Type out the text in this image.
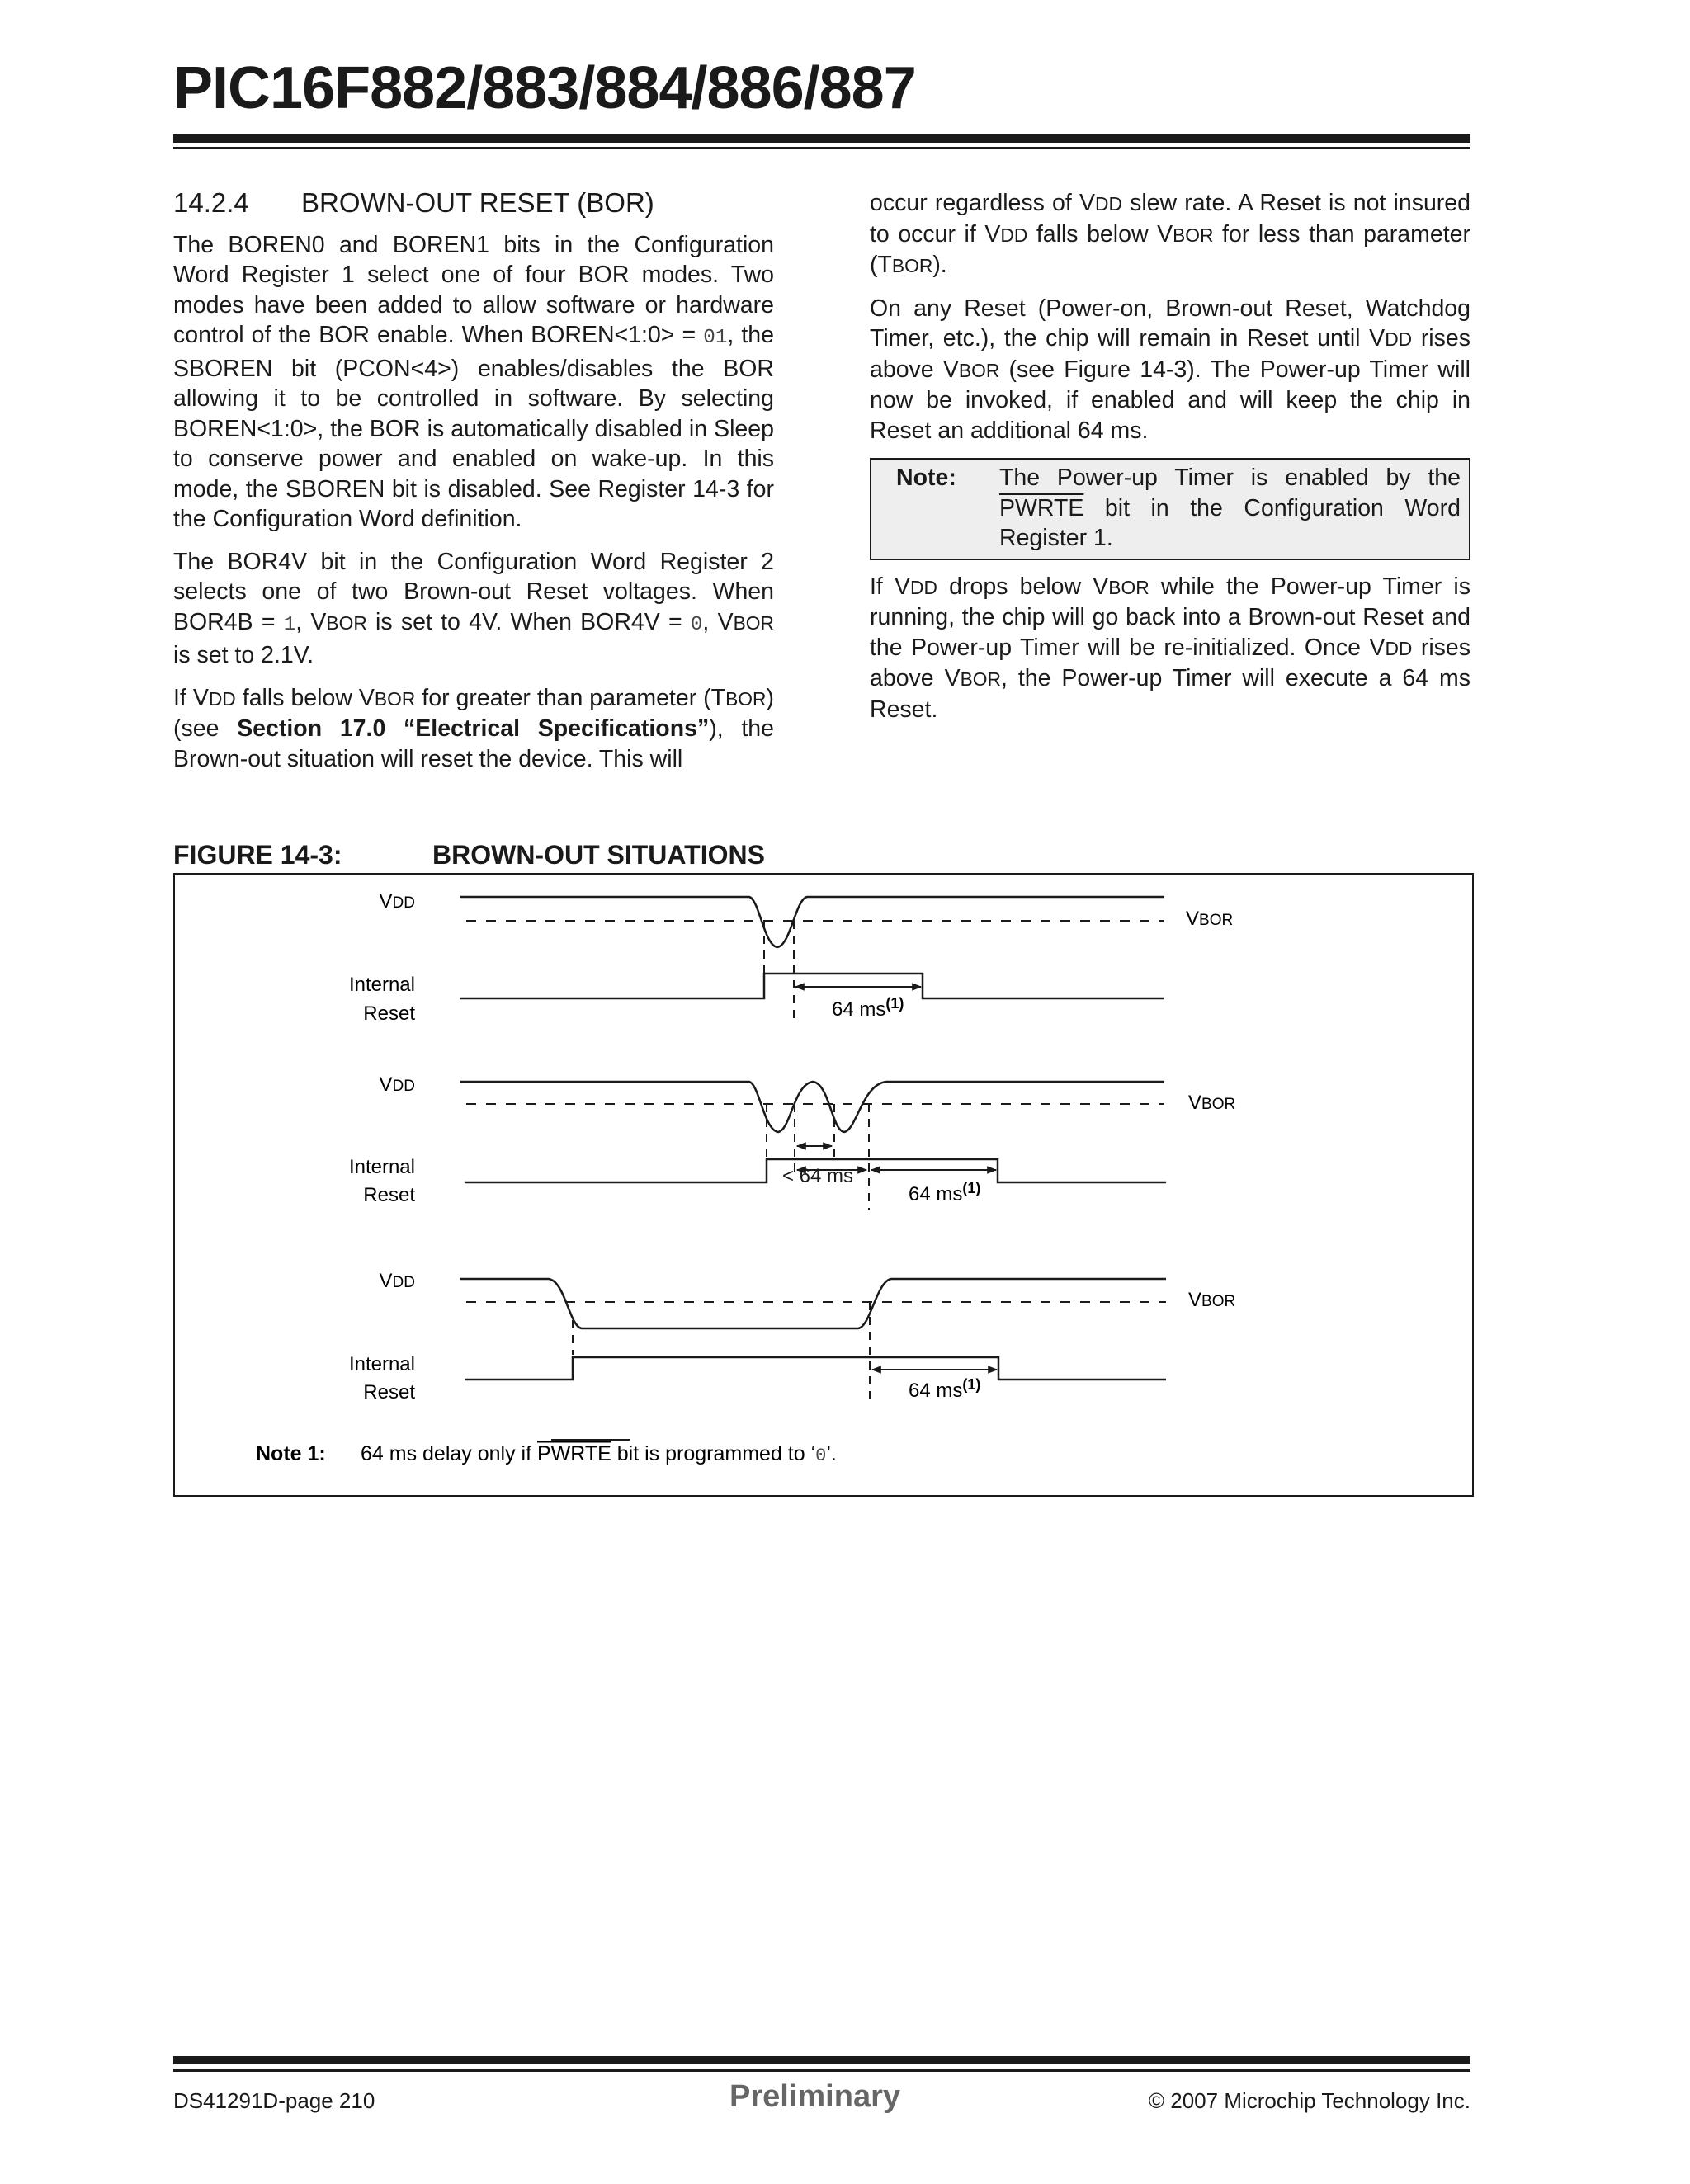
PIC16F882/883/884/886/887
14.2.4 BROWN-OUT RESET (BOR)

The BOREN0 and BOREN1 bits in the Configuration Word Register 1 select one of four BOR modes. Two modes have been added to allow software or hardware control of the BOR enable. When BOREN<1:0> = 01, the SBOREN bit (PCON<4>) enables/disables the BOR allowing it to be controlled in software. By selecting BOREN<1:0>, the BOR is automatically disabled in Sleep to conserve power and enabled on wake-up. In this mode, the SBOREN bit is disabled. See Register 14-3 for the Configuration Word definition.

The BOR4V bit in the Configuration Word Register 2 selects one of two Brown-out Reset voltages. When BOR4B = 1, VBOR is set to 4V. When BOR4V = 0, VBOR is set to 2.1V.

If VDD falls below VBOR for greater than parameter (TBOR) (see Section 17.0 “Electrical Specifications”), the Brown-out situation will reset the device. This will

occur regardless of VDD slew rate. A Reset is not insured to occur if VDD falls below VBOR for less than parameter (TBOR).

On any Reset (Power-on, Brown-out Reset, Watchdog Timer, etc.), the chip will remain in Reset until VDD rises above VBOR (see Figure 14-3). The Power-up Timer will now be invoked, if enabled and will keep the chip in Reset an additional 64 ms.

Note:	The Power-up Timer is enabled by the PWRTE bit in the Configuration Word Register 1.

If VDD drops below VBOR while the Power-up Timer is running, the chip will go back into a Brown-out Reset and the Power-up Timer will be re-initialized. Once VDD rises above VBOR, the Power-up Timer will execute a 64 ms Reset.

FIGURE 14-3:	BROWN-OUT SITUATIONS
VDD
VBOR
Internal
Reset	64 $ms^{(1)}$
VDD
VBOR
Internal
Reset
< 64 ms
64 $ms^{(1)}$
VDD
VBOR
Internal
Reset	64 $ms^{(1)}$
Note 1: 64 ms delay only if PWRTE bit is programmed to ‘0’.
DS41291D-page 210	Preliminary	© 2007 Microchip Technology Inc.
